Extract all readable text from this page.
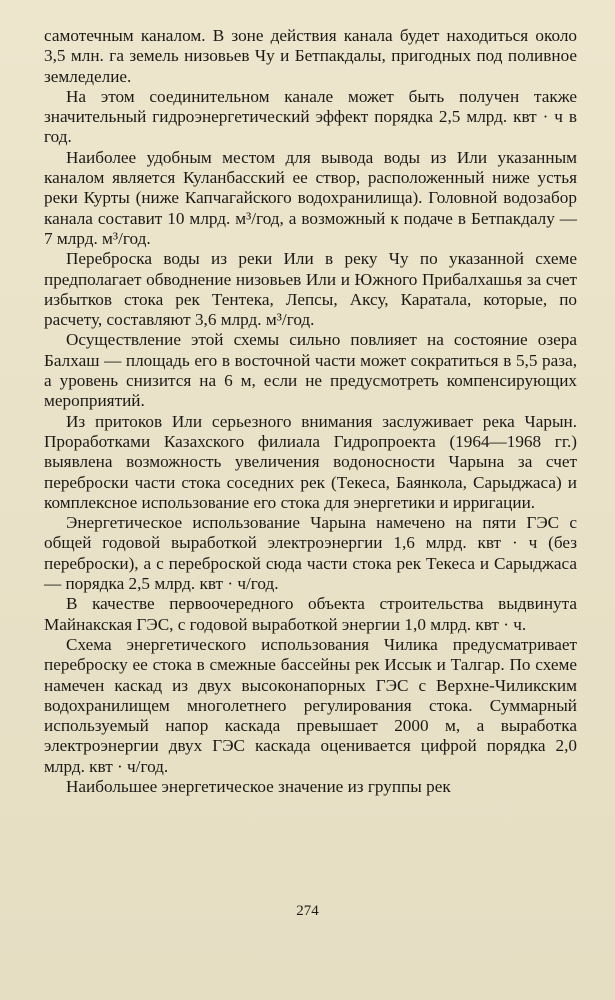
самотечным каналом. В зоне действия канала будет находиться около 3,5 млн. га земель низовьев Чу и Бетпакдалы, пригодных под поливное земледелие.

На этом соединительном канале может быть получен также значительный гидроэнергетический эффект порядка 2,5 млрд. квт · ч в год.

Наиболее удобным местом для вывода воды из Или указанным каналом является Куланбасский ее створ, расположенный ниже устья реки Курты (ниже Капчагайского водохранилища). Головной водозабор канала составит 10 млрд. м³/год, а возможный к подаче в Бетпакдалу — 7 млрд. м³/год.

Переброска воды из реки Или в реку Чу по указанной схеме предполагает обводнение низовьев Или и Южного Прибалхашья за счет избытков стока рек Тентека, Лепсы, Аксу, Каратала, которые, по расчету, составляют 3,6 млрд. м³/год.

Осуществление этой схемы сильно повлияет на состояние озера Балхаш — площадь его в восточной части может сократиться в 5,5 раза, а уровень снизится на 6 м, если не предусмотреть компенсирующих мероприятий.

Из притоков Или серьезного внимания заслуживает река Чарын. Проработками Казахского филиала Гидропроекта (1964—1968 гг.) выявлена возможность увеличения водоносности Чарына за счет переброски части стока соседних рек (Текеса, Баянкола, Сарыджаса) и комплексное использование его стока для энергетики и ирригации.

Энергетическое использование Чарына намечено на пяти ГЭС с общей годовой выработкой электроэнергии 1,6 млрд. квт · ч (без переброски), а с переброской сюда части стока рек Текеса и Сарыджаса — порядка 2,5 млрд. квт · ч/год.

В качестве первоочередного объекта строительства выдвинута Майнакская ГЭС, с годовой выработкой энергии 1,0 млрд. квт · ч.

Схема энергетического использования Чилика предусматривает переброску ее стока в смежные бассейны рек Иссык и Талгар. По схеме намечен каскад из двух высоконапорных ГЭС с Верхне-Чиликским водохранилищем многолетнего регулирования стока. Суммарный используемый напор каскада превышает 2000 м, а выработка электроэнергии двух ГЭС каскада оценивается цифрой порядка 2,0 млрд. квт · ч/год.

Наибольшее энергетическое значение из группы рек

274
